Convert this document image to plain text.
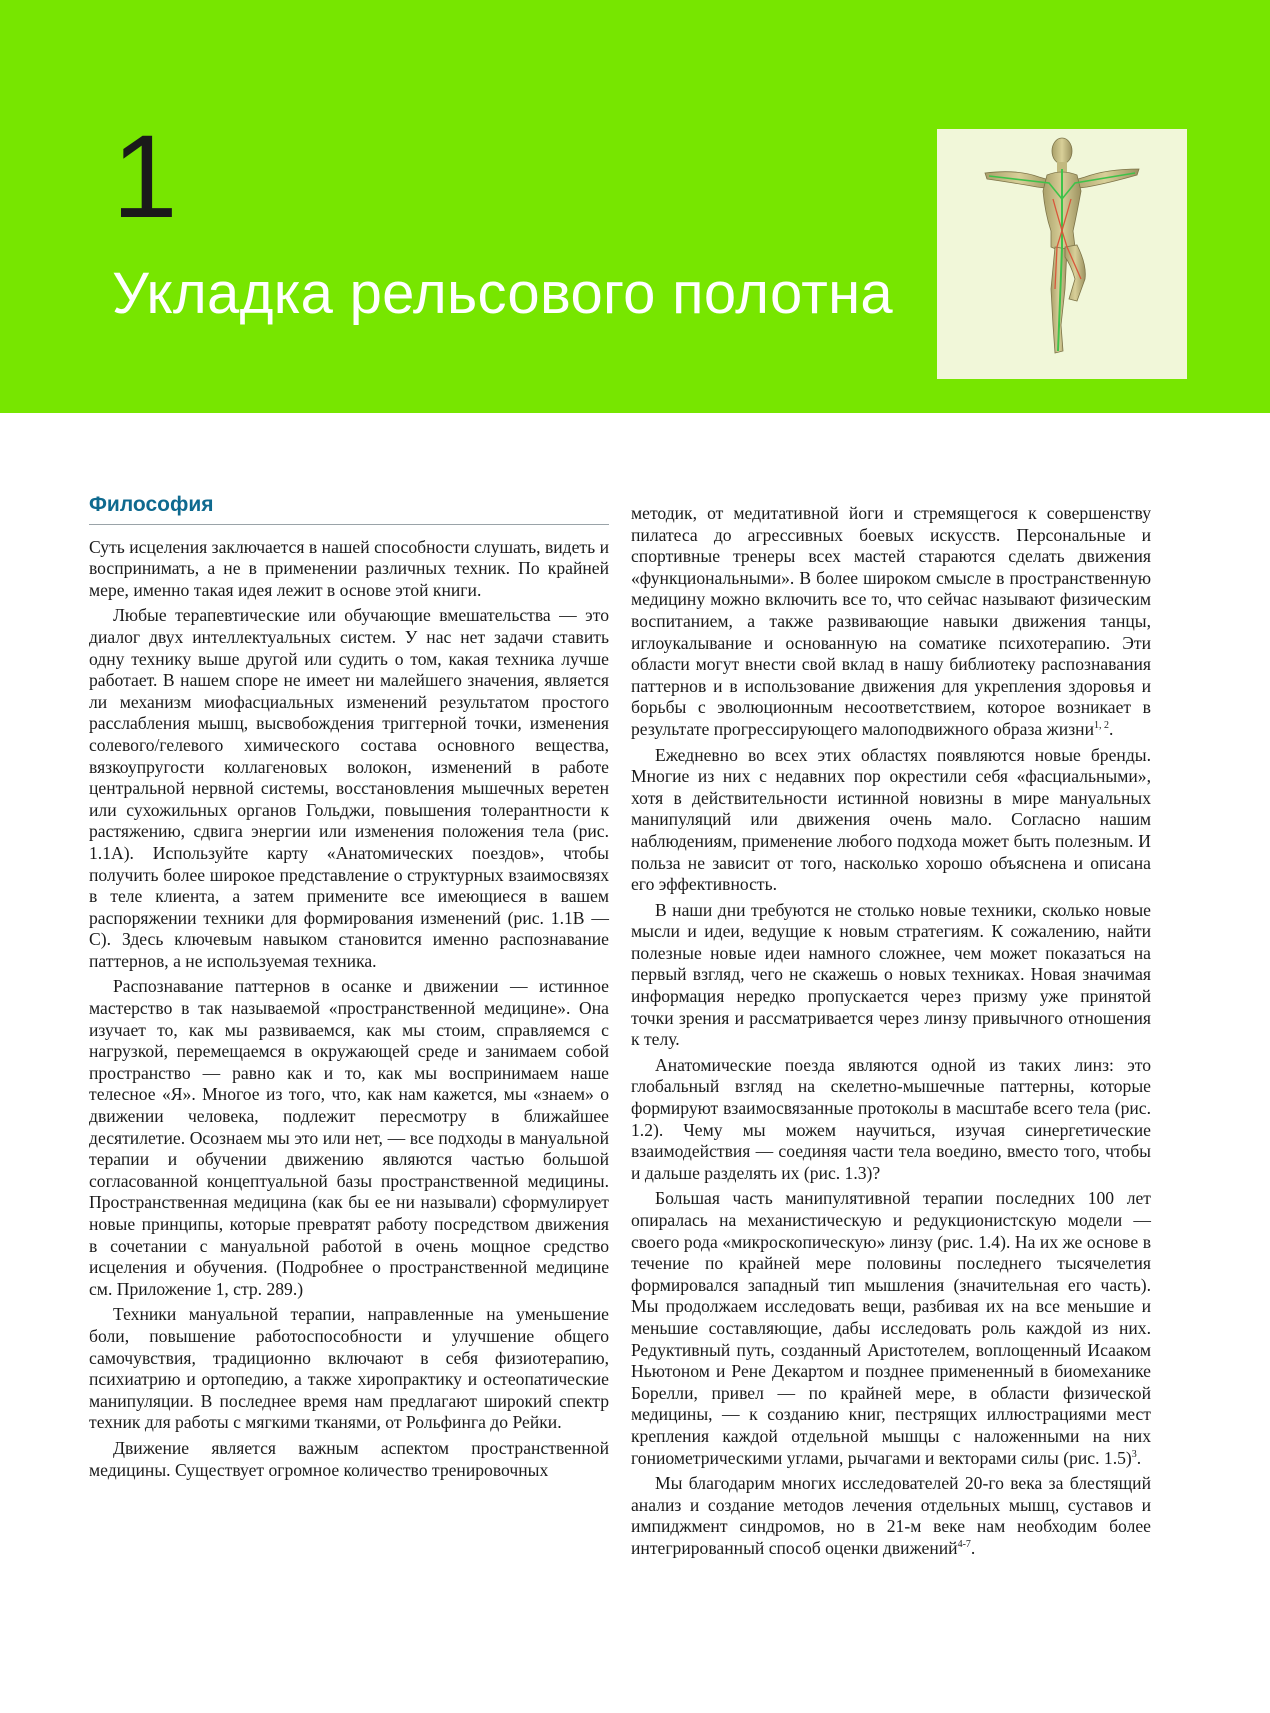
1
Укладка рельсового полотна
Философия

Суть исцеления заключается в нашей способности слушать, видеть и воспринимать, а не в применении различных техник. По крайней мере, именно такая идея лежит в основе этой книги.

Любые терапевтические или обучающие вмешательства — это диалог двух интеллектуальных систем. У нас нет задачи ставить одну технику выше другой или судить о том, какая техника лучше работает. В нашем споре не имеет ни малейшего значения, является ли механизм миофасциальных изменений результатом простого расслабления мышц, высвобождения триггерной точки, изменения солевого/гелевого химического состава основного вещества, вязкоупругости коллагеновых волокон, изменений в работе центральной нервной системы, восстановления мышечных веретен или сухожильных органов Гольджи, повышения толерантности к растяжению, сдвига энергии или изменения положения тела (рис. 1.1A). Используйте карту «Анатомических поездов», чтобы получить более широкое представление о структурных взаимосвязях в теле клиента, а затем примените все имеющиеся в вашем распоряжении техники для формирования изменений (рис. 1.1B — C). Здесь ключевым навыком становится именно распознавание паттернов, а не используемая техника.

Распознавание паттернов в осанке и движении — истинное мастерство в так называемой «пространственной медицине». Она изучает то, как мы развиваемся, как мы стоим, справляемся с нагрузкой, перемещаемся в окружающей среде и занимаем собой пространство — равно как и то, как мы воспринимаем наше телесное «Я». Многое из того, что, как нам кажется, мы «знаем» о движении человека, подлежит пересмотру в ближайшее десятилетие. Осознаем мы это или нет, — все подходы в мануальной терапии и обучении движению являются частью большой согласованной концептуальной базы пространственной медицины. Пространственная медицина (как бы ее ни называли) сформулирует новые принципы, которые превратят работу посредством движения в сочетании с мануальной работой в очень мощное средство исцеления и обучения. (Подробнее о пространственной медицине см. Приложение 1, стр. 289.)

Техники мануальной терапии, направленные на уменьшение боли, повышение работоспособности и улучшение общего самочувствия, традиционно включают в себя физиотерапию, психиатрию и ортопедию, а также хиропрактику и остеопатические манипуляции. В последнее время нам предлагают широкий спектр техник для работы с мягкими тканями, от Рольфинга до Рейки.

Движение является важным аспектом пространственной медицины. Существует огромное количество тренировочных

методик, от медитативной йоги и стремящегося к совершенству пилатеса до агрессивных боевых искусств. Персональные и спортивные тренеры всех мастей стараются сделать движения «функциональными». В более широком смысле в пространственную медицину можно включить все то, что сейчас называют физическим воспитанием, а также развивающие навыки движения танцы, иглоукалывание и основанную на соматике психотерапию. Эти области могут внести свой вклад в нашу библиотеку распознавания паттернов и в использование движения для укрепления здоровья и борьбы с эволюционным несоответствием, которое возникает в результате прогрессирующего малоподвижного образа жизни$^{1, 2}$.

Ежедневно во всех этих областях появляются новые бренды. Многие из них с недавних пор окрестили себя «фасциальными», хотя в действительности истинной новизны в мире мануальных манипуляций или движения очень мало. Согласно нашим наблюдениям, применение любого подхода может быть полезным. И польза не зависит от того, насколько хорошо объяснена и описана его эффективность.

В наши дни требуются не столько новые техники, сколько новые мысли и идеи, ведущие к новым стратегиям. К сожалению, найти полезные новые идеи намного сложнее, чем может показаться на первый взгляд, чего не скажешь о новых техниках. Новая значимая информация нередко пропускается через призму уже принятой точки зрения и рассматривается через линзу привычного отношения к телу.

Анатомические поезда являются одной из таких линз: это глобальный взгляд на скелетно-мышечные паттерны, которые формируют взаимосвязанные протоколы в масштабе всего тела (рис. 1.2). Чему мы можем научиться, изучая синергетические взаимодействия — соединяя части тела воедино, вместо того, чтобы и дальше разделять их (рис. 1.3)?

Большая часть манипулятивной терапии последних 100 лет опиралась на механистическую и редукционистскую модели — своего рода «микроскопическую» линзу (рис. 1.4). На их же основе в течение по крайней мере половины последнего тысячелетия формировался западный тип мышления (значительная его часть). Мы продолжаем исследовать вещи, разбивая их на все меньшие и меньшие составляющие, дабы исследовать роль каждой из них. Редуктивный путь, созданный Аристотелем, воплощенный Исааком Ньютоном и Рене Декартом и позднее примененный в биомеханике Борелли, привел — по крайней мере, в области физической медицины, — к созданию книг, пестрящих иллюстрациями мест крепления каждой отдельной мышцы с наложенными на них гониометрическими углами, рычагами и векторами силы (рис. 1.5)$^3$.

Мы благодарим многих исследователей 20-го века за блестящий анализ и создание методов лечения отдельных мышц, суставов и импиджмент синдромов, но в 21-м веке нам необходим более интегрированный способ оценки движений$^{4-7}$.
